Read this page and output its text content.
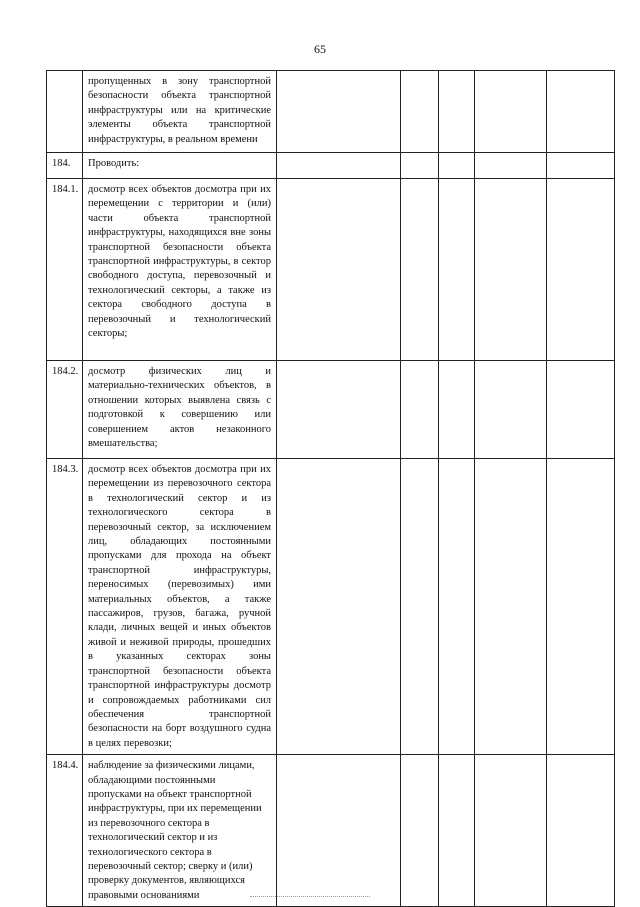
65
	пропущенных в зону транспортной безопасности объекта транспортной инфраструктуры или на критические элементы объекта транспортной инфраструктуры, в реальном времени					
184.	Проводить:					
184.1.	досмотр всех объектов досмотра при их перемещении с территории и (или) части объекта транспортной инфраструктуры, находящихся вне зоны транспортной безопасности объекта транспортной инфраструктуры, в сектор свободного доступа, перевозочный и технологический секторы, а также из сектора свободного доступа в перевозочный и технологический секторы;					
184.2.	досмотр физических лиц и материально-технических объектов, в отношении которых выявлена связь с подготовкой к совершению или совершением актов незаконного вмешательства;					
184.3.	досмотр всех объектов досмотра при их перемещении из перевозочного сектора в технологический сектор и из технологического сектора в перевозочный сектор, за исключением лиц, обладающих постоянными пропусками для прохода на объект транспортной инфраструктуры, переносимых (перевозимых) ими материальных объектов, а также пассажиров, грузов, багажа, ручной клади, личных вещей и иных объектов живой и неживой природы, прошедших в указанных секторах зоны транспортной безопасности объекта транспортной инфраструктуры досмотр и сопровождаемых работниками сил обеспечения транспортной безопасности на борт воздушного судна в целях перевозки;					
184.4.	наблюдение за физическими лицами, обладающими постоянными пропусками на объект транспортной инфраструктуры, при их перемещении из перевозочного сектора в технологический сектор и из технологического сектора в перевозочный сектор; сверку и (или) проверку документов, являющихся правовыми основаниями					
